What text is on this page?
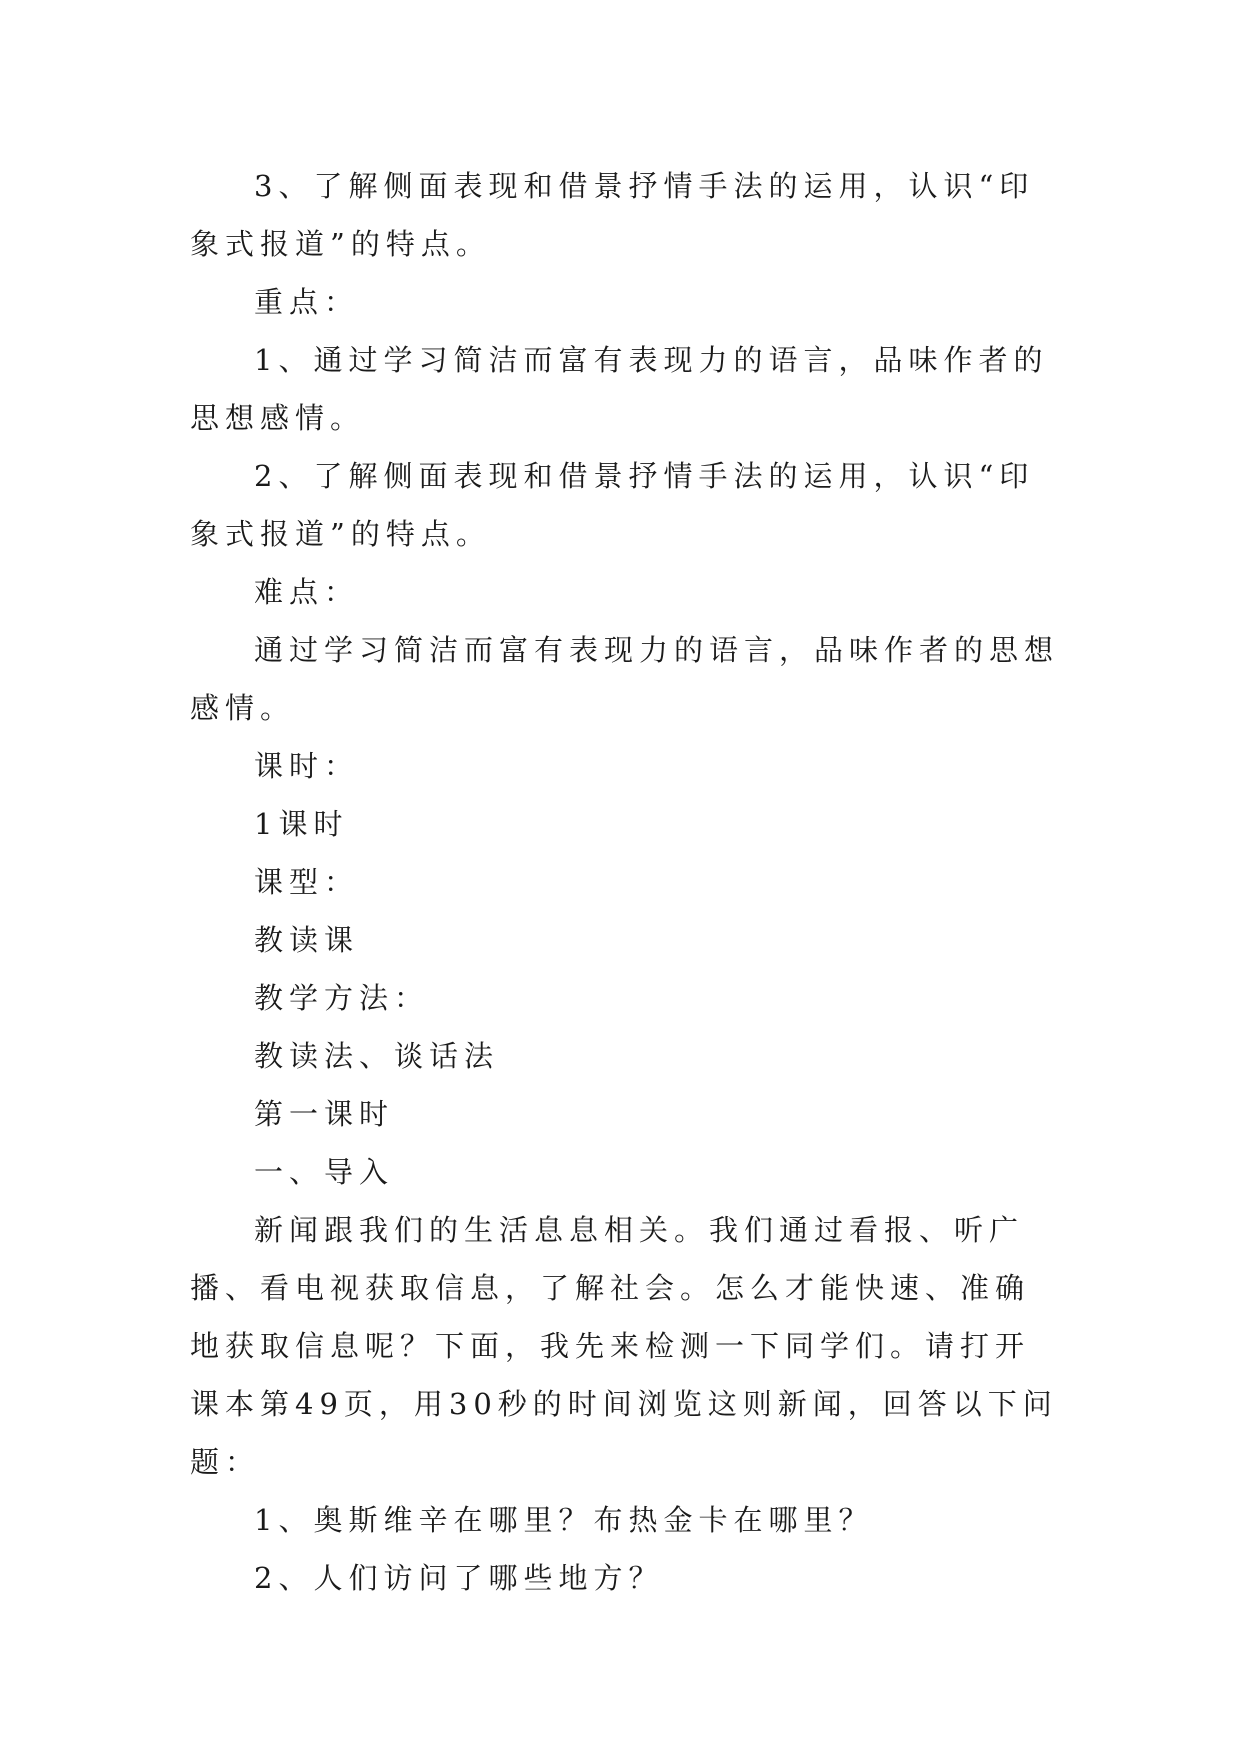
3、了解侧面表现和借景抒情手法的运用，认识“印象式报道”的特点。

重点：

1、通过学习简洁而富有表现力的语言，品味作者的思想感情。

2、了解侧面表现和借景抒情手法的运用，认识“印象式报道”的特点。

难点：

通过学习简洁而富有表现力的语言，品味作者的思想感情。

课时：

1课时

课型：

教读课

教学方法：

教读法、谈话法

第一课时

一、导入

新闻跟我们的生活息息相关。我们通过看报、听广播、看电视获取信息，了解社会。怎么才能快速、准确地获取信息呢？下面，我先来检测一下同学们。请打开课本第49页，用30秒的时间浏览这则新闻，回答以下问题：

1、奥斯维辛在哪里？布热金卡在哪里？

2、人们访问了哪些地方？
